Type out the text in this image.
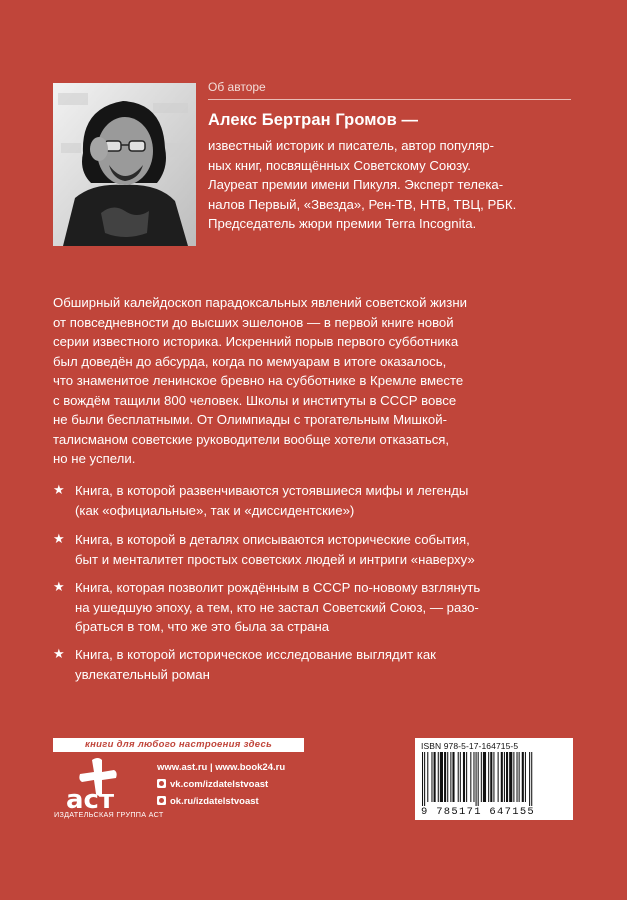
Об авторе
Алекс Бертран Громов —
известный историк и писатель, автор популяр-
ных книг, посвящённых Советскому Союзу.
Лауреат премии имени Пикуля. Эксперт телека-
налов Первый, «Звезда», Рен-ТВ, НТВ, ТВЦ, РБК.
Председатель жюри премии Terra Incognita.
Обширный калейдоскоп парадоксальных явлений советской жизни
от повседневности до высших эшелонов — в первой книге новой
серии известного историка. Искренний порыв первого субботника
был доведён до абсурда, когда по мемуарам в итоге оказалось,
что знаменитое ленинское бревно на субботнике в Кремле вместе
с вождём тащили 800 человек. Школы и институты в СССР вовсе
не были бесплатными. От Олимпиады с трогательным Мишкой-
талисманом советские руководители вообще хотели отказаться,
но не успели.
★ Книга, в которой развенчиваются устоявшиеся мифы и легенды
(как «официальные», так и «диссидентские»)
★ Книга, в которой в деталях описываются исторические события,
быт и менталитет простых советских людей и интриги «наверху»
★ Книга, которая позволит рождённым в СССР по-новому взглянуть
на ушедшую эпоху, а тем, кто не застал Советский Союз, — разо-
браться в том, что же это была за страна
★ Книга, в которой историческое исследование выглядит как
увлекательный роман
книги для любого настроения здесь
аст
ИЗДАТЕЛЬСКАЯ ГРУППА АСТ
www.ast.ru | www.book24.ru
vk.com/izdatelstvoast
ok.ru/izdatelstvoast
ISBN 978-5-17-164715-5
9 785171 647155
